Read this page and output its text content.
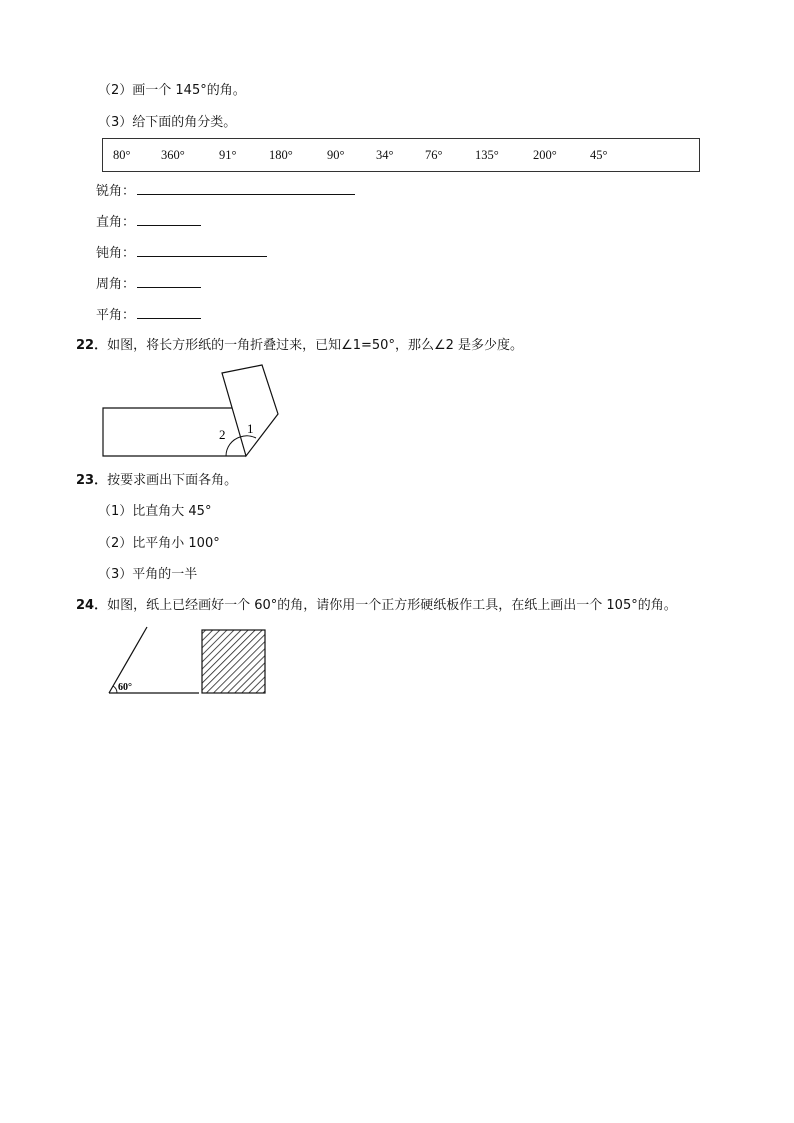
（2）画一个 145°的角。
（3）给下面的角分类。
80° 360°	91°	180°	90°	34°	76°	135°	200°	45°
锐角：
直角：
钝角：
周角：
平角：
22．如图，将长方形纸的一角折叠过来，已知∠1=50°，那么∠2 是多少度。
2 1
23．按要求画出下面各角。
（1）比直角大 45°
（2）比平角小 100°
（3）平角的一半
24．如图，纸上已经画好一个 60°的角，请你用一个正方形硬纸板作工具，在纸上画出一个 105°的角。
60°
